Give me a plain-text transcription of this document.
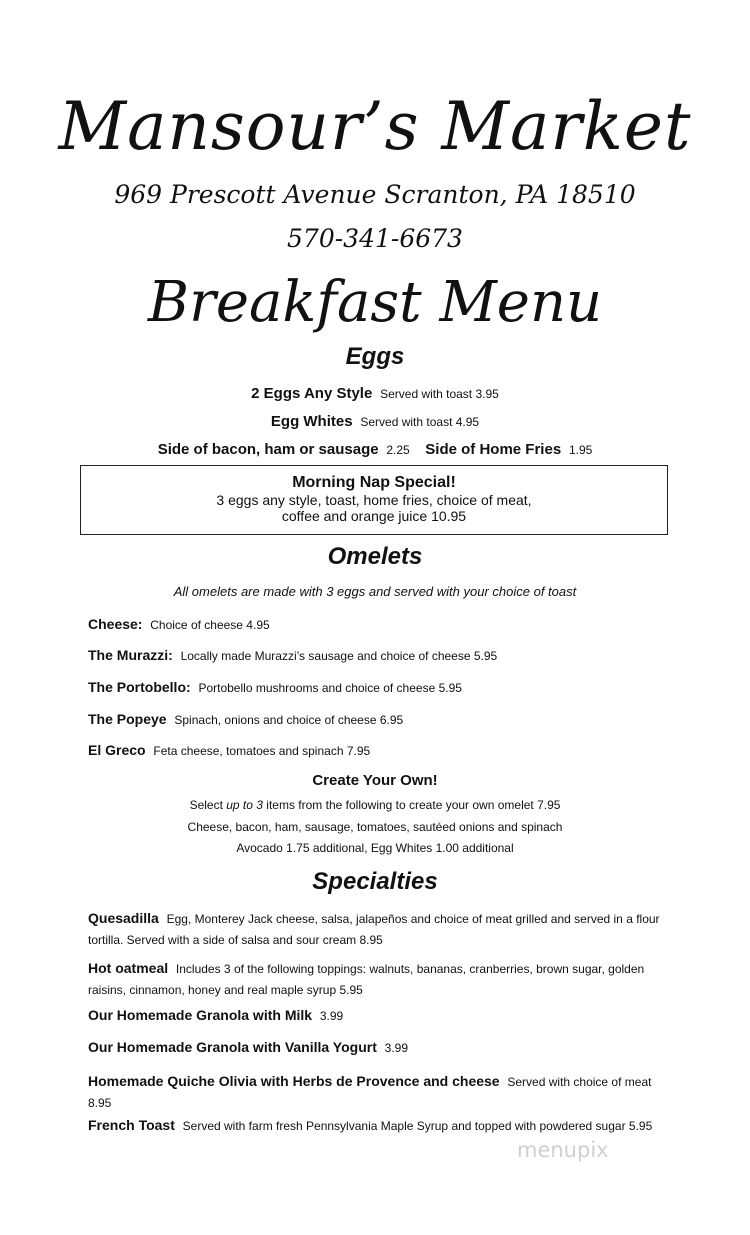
Mansour’s Market
969 Prescott Avenue Scranton, PA 18510
570-341-6673
Breakfast Menu
Eggs
2 Eggs Any Style Served with toast 3.95
Egg Whites Served with toast 4.95
Side of bacon, ham or sausage 2.25 Side of Home Fries 1.95
Morning Nap Special!
3 eggs any style, toast, home fries, choice of meat,
coffee and orange juice 10.95
Omelets
All omelets are made with 3 eggs and served with your choice of toast
Cheese: Choice of cheese 4.95
The Murazzi: Locally made Murazzi’s sausage and choice of cheese 5.95
The Portobello: Portobello mushrooms and choice of cheese 5.95
The Popeye Spinach, onions and choice of cheese 6.95
El Greco Feta cheese, tomatoes and spinach 7.95
Create Your Own!
Select up to 3 items from the following to create your own omelet 7.95
Cheese, bacon, ham, sausage, tomatoes, sautéed onions and spinach
Avocado 1.75 additional, Egg Whites 1.00 additional
Specialties
Quesadilla Egg, Monterey Jack cheese, salsa, jalapeños and choice of meat grilled and served in a flour tortilla. Served with a side of salsa and sour cream 8.95
Hot oatmeal Includes 3 of the following toppings: walnuts, bananas, cranberries, brown sugar, golden raisins, cinnamon, honey and real maple syrup 5.95
Our Homemade Granola with Milk 3.99
Our Homemade Granola with Vanilla Yogurt 3.99
Homemade Quiche Olivia with Herbs de Provence and cheese Served with choice of meat 8.95
French Toast Served with farm fresh Pennsylvania Maple Syrup and topped with powdered sugar 5.95
menupix
